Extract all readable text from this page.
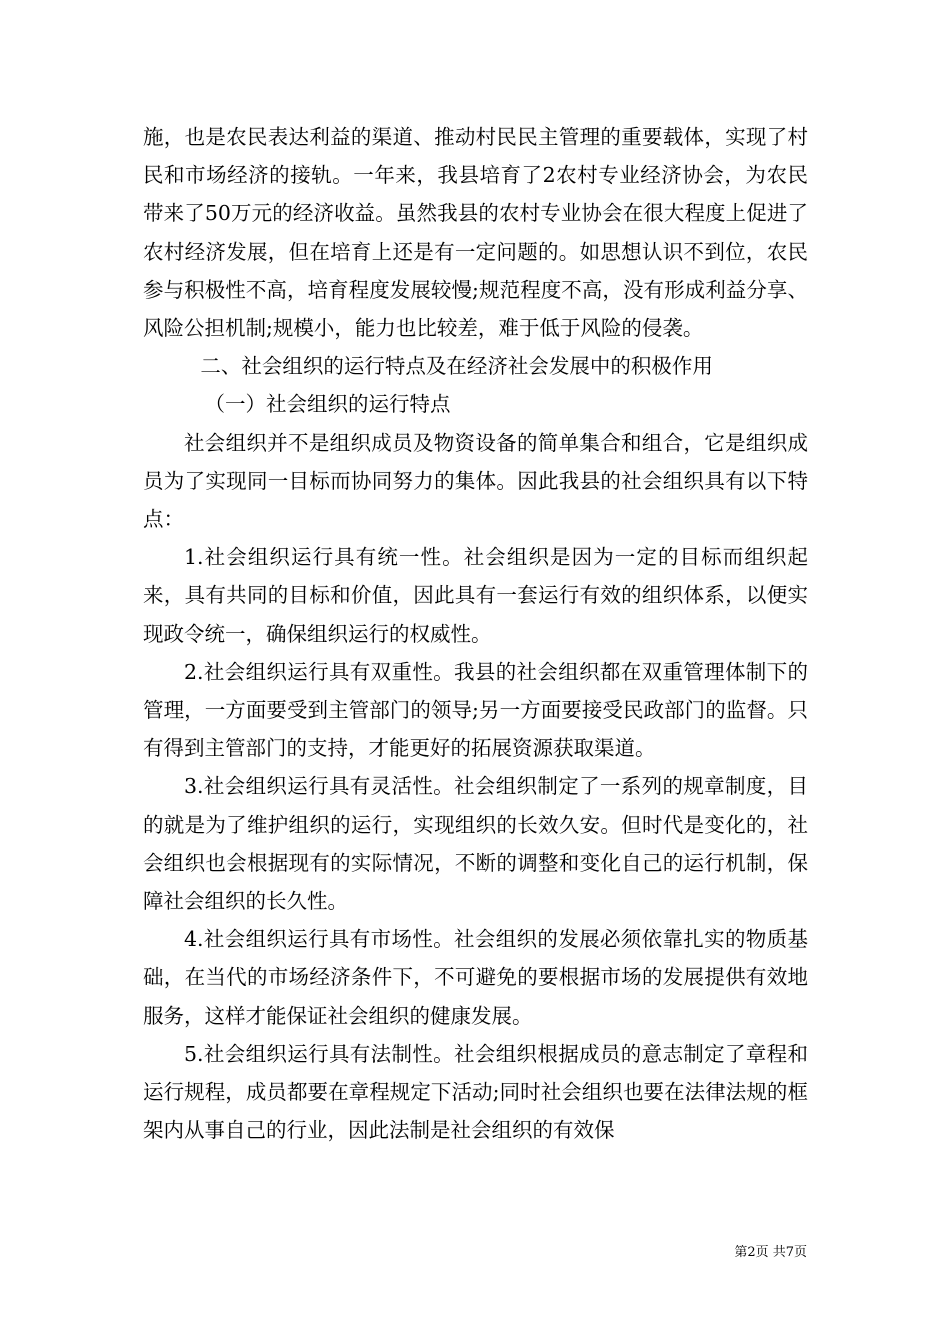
施，也是农民表达利益的渠道、推动村民民主管理的重要载体，实现了村民和市场经济的接轨。一年来，我县培育了2农村专业经济协会，为农民带来了50万元的经济收益。虽然我县的农村专业协会在很大程度上促进了农村经济发展，但在培育上还是有一定问题的。如思想认识不到位，农民参与积极性不高，培育程度发展较慢;规范程度不高，没有形成利益分享、风险公担机制;规模小，能力也比较差，难于低于风险的侵袭。

二、社会组织的运行特点及在经济社会发展中的积极作用

（一）社会组织的运行特点

社会组织并不是组织成员及物资设备的简单集合和组合，它是组织成员为了实现同一目标而协同努力的集体。因此我县的社会组织具有以下特点：

1.社会组织运行具有统一性。社会组织是因为一定的目标而组织起来，具有共同的目标和价值，因此具有一套运行有效的组织体系，以便实现政令统一，确保组织运行的权威性。

2.社会组织运行具有双重性。我县的社会组织都在双重管理体制下的管理，一方面要受到主管部门的领导;另一方面要接受民政部门的监督。只有得到主管部门的支持，才能更好的拓展资源获取渠道。

3.社会组织运行具有灵活性。社会组织制定了一系列的规章制度，目的就是为了维护组织的运行，实现组织的长效久安。但时代是变化的，社会组织也会根据现有的实际情况，不断的调整和变化自己的运行机制，保障社会组织的长久性。

4.社会组织运行具有市场性。社会组织的发展必须依靠扎实的物质基础，在当代的市场经济条件下，不可避免的要根据市场的发展提供有效地服务，这样才能保证社会组织的健康发展。

5.社会组织运行具有法制性。社会组织根据成员的意志制定了章程和运行规程，成员都要在章程规定下活动;同时社会组织也要在法律法规的框架内从事自己的行业，因此法制是社会组织的有效保

第2页 共7页
